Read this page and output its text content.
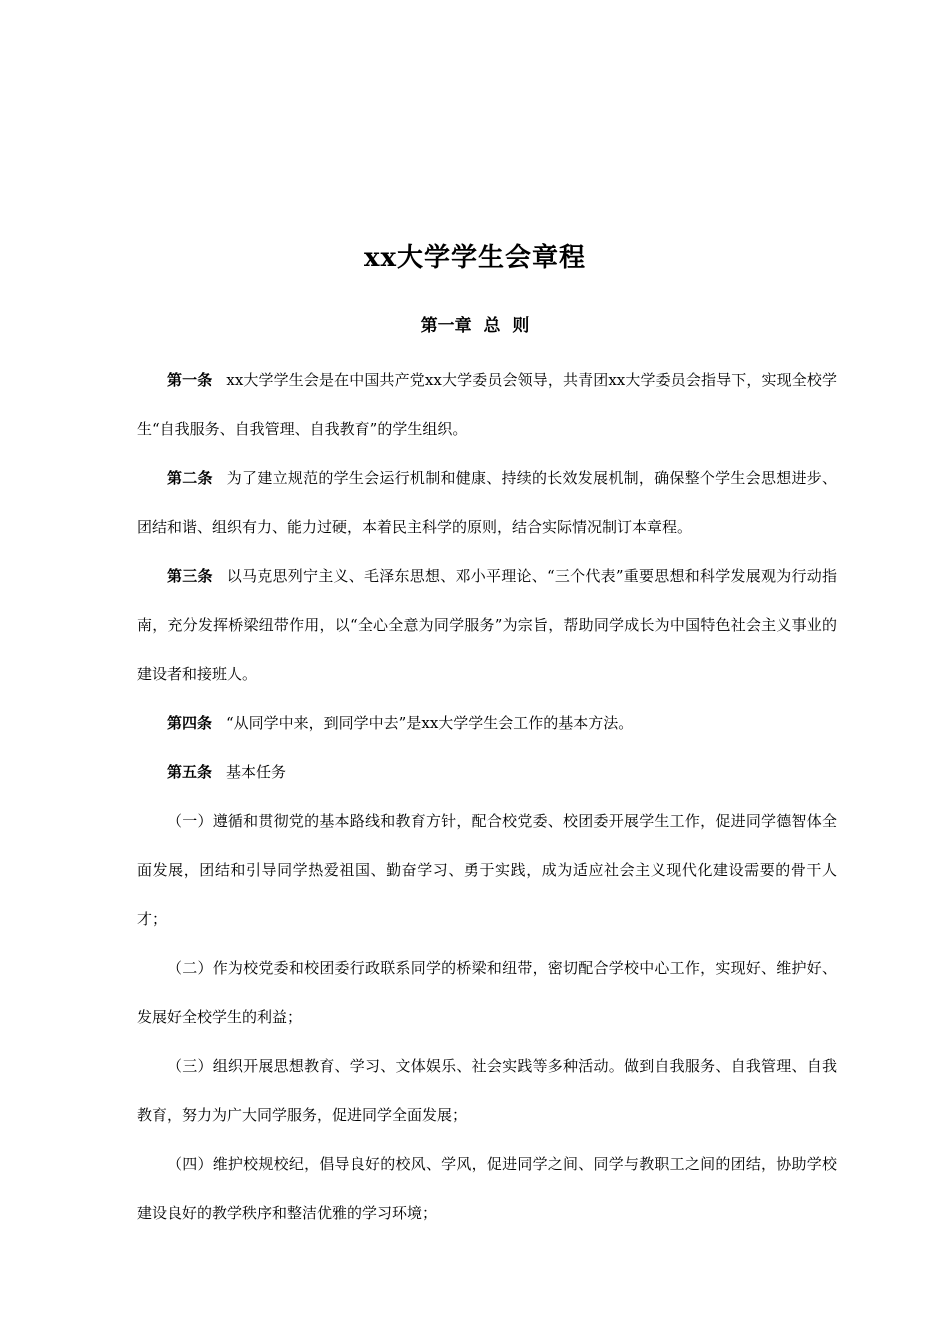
xx大学学生会章程
第一章 总 则

第一条 xx大学学生会是在中国共产党xx大学委员会领导，共青团xx大学委员会指导下，实现全校学生“自我服务、自我管理、自我教育”的学生组织。

第二条 为了建立规范的学生会运行机制和健康、持续的长效发展机制，确保整个学生会思想进步、团结和谐、组织有力、能力过硬，本着民主科学的原则，结合实际情况制订本章程。

第三条 以马克思列宁主义、毛泽东思想、邓小平理论、“三个代表”重要思想和科学发展观为行动指南，充分发挥桥梁纽带作用，以“全心全意为同学服务”为宗旨，帮助同学成长为中国特色社会主义事业的建设者和接班人。

第四条 “从同学中来，到同学中去”是xx大学学生会工作的基本方法。

第五条 基本任务

（一）遵循和贯彻党的基本路线和教育方针，配合校党委、校团委开展学生工作，促进同学德智体全面发展，团结和引导同学热爱祖国、勤奋学习、勇于实践，成为适应社会主义现代化建设需要的骨干人才；

（二）作为校党委和校团委行政联系同学的桥梁和纽带，密切配合学校中心工作，实现好、维护好、发展好全校学生的利益；

（三）组织开展思想教育、学习、文体娱乐、社会实践等多种活动。做到自我服务、自我管理、自我教育，努力为广大同学服务，促进同学全面发展；

（四）维护校规校纪，倡导良好的校风、学风，促进同学之间、同学与教职工之间的团结，协助学校建设良好的教学秩序和整洁优雅的学习环境；
